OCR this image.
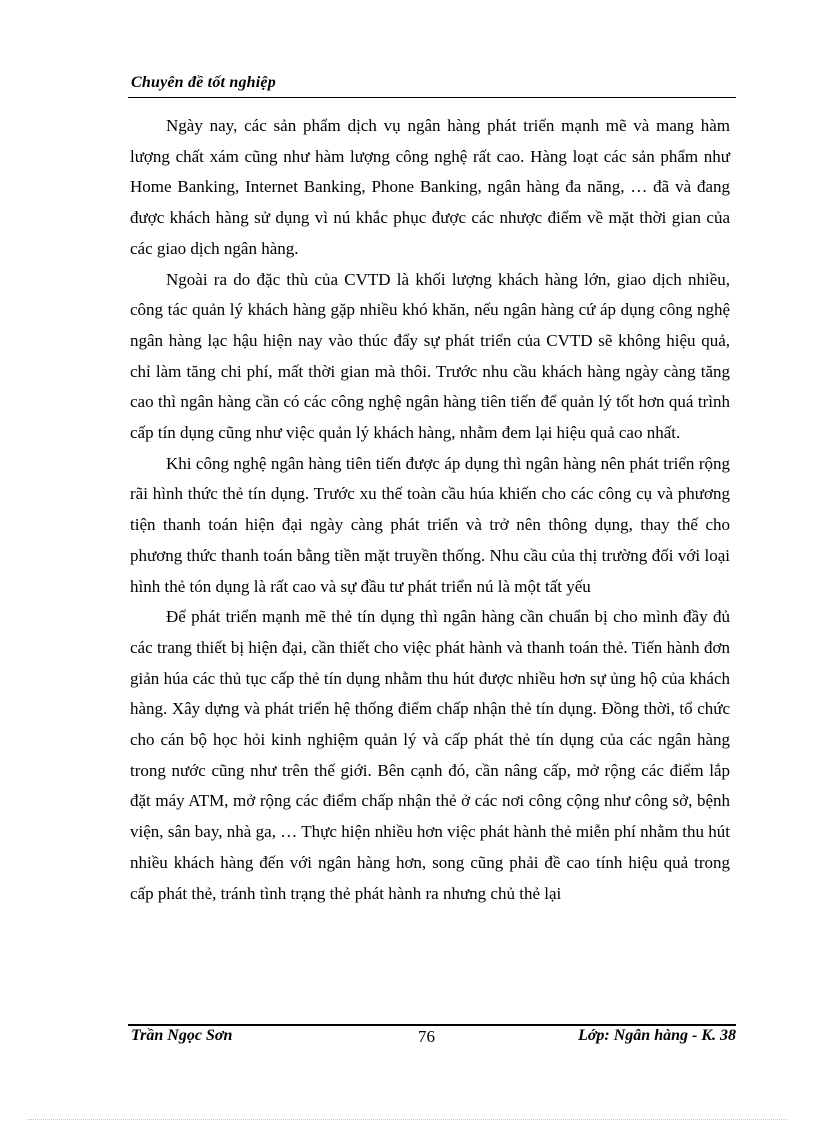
Chuyên đề tốt nghiệp

Ngày nay, các sản phẩm dịch vụ ngân hàng phát triển mạnh mẽ và mang hàm lượng chất xám cũng như hàm lượng công nghệ rất cao. Hàng loạt các sản phẩm như Home Banking, Internet Banking, Phone Banking, ngân hàng đa năng, … đã và đang được khách hàng sử dụng vì nú khắc phục được các nhược điểm về mặt thời gian của các giao dịch ngân hàng.

Ngoài ra do đặc thù của CVTD là khối lượng khách hàng lớn, giao dịch nhiều, công tác quản lý khách hàng gặp nhiều khó khăn, nếu ngân hàng cứ áp dụng công nghệ ngân hàng lạc hậu hiện nay vào thúc đẩy sự phát triển của CVTD sẽ không hiệu quả, chỉ làm tăng chi phí, mất thời gian mà thôi. Trước nhu cầu khách hàng ngày càng tăng cao thì ngân hàng cần có các công nghệ ngân hàng tiên tiến để quản lý tốt hơn quá trình cấp tín dụng cũng như việc quản lý khách hàng, nhằm đem lại hiệu quả cao nhất.

Khi công nghệ ngân hàng tiên tiến được áp dụng thì ngân hàng nên phát triển rộng rãi hình thức thẻ tín dụng. Trước xu thế toàn cầu húa khiến cho các công cụ và phương tiện thanh toán hiện đại ngày càng phát triển và trở nên thông dụng, thay thế cho phương thức thanh toán bằng tiền mặt truyền thống. Nhu cầu của thị trường đối với loại hình thẻ tón dụng là rất cao và sự đầu tư phát triển nú là một tất yếu

Để phát triển mạnh mẽ thẻ tín dụng thì ngân hàng cần chuẩn bị cho mình đầy đủ các trang thiết bị hiện đại, cần thiết cho việc phát hành và thanh toán thẻ. Tiến hành đơn giản húa các thủ tục cấp thẻ tín dụng nhằm thu hút được nhiều hơn sự ủng hộ của khách hàng. Xây dựng và phát triển hệ thống điểm chấp nhận thẻ tín dụng. Đồng thời, tổ chức cho cán bộ học hỏi kinh nghiệm quản lý và cấp phát thẻ tín dụng của các ngân hàng trong nước cũng như trên thế giới. Bên cạnh đó, cần nâng cấp, mở rộng các điểm lắp đặt máy ATM, mở rộng các điểm chấp nhận thẻ ở các nơi công cộng như công sở, bệnh viện, sân bay, nhà ga, … Thực hiện nhiều hơn việc phát hành thẻ miễn phí nhằm thu hút nhiều khách hàng đến với ngân hàng hơn, song cũng phải đề cao tính hiệu quả trong cấp phát thẻ, tránh tình trạng thẻ phát hành ra nhưng chủ thẻ lại

Trần Ngọc Sơn	76	Lớp: Ngân hàng - K. 38
